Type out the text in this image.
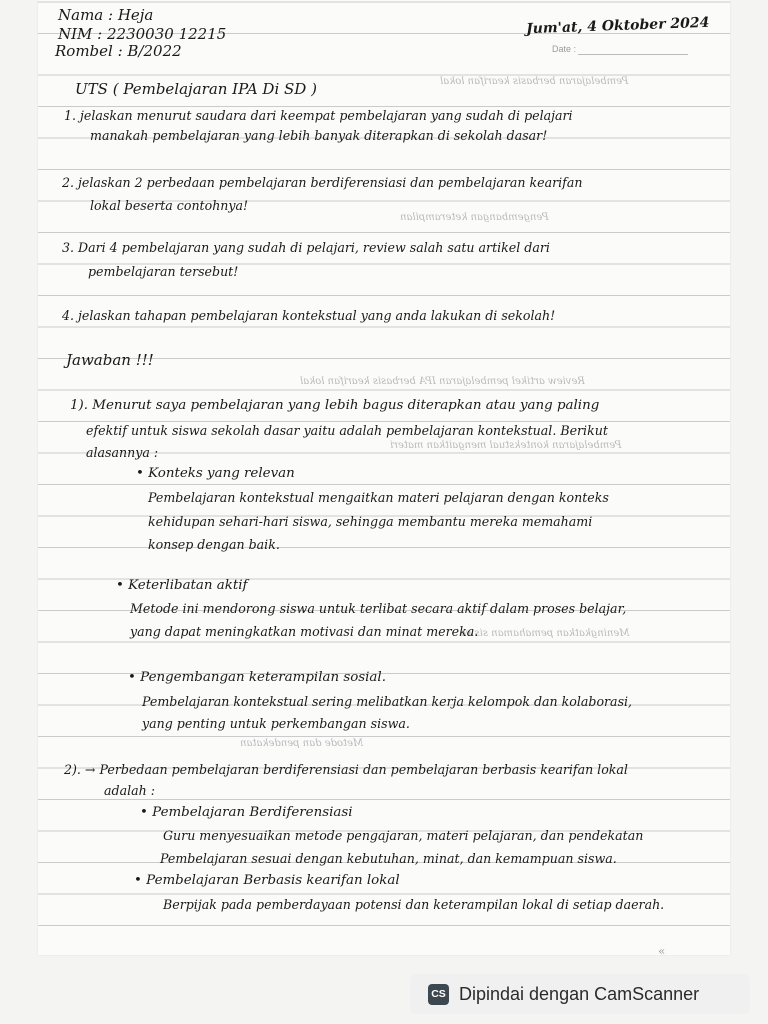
Pembelajaran berbasis kearifan lokal
Pengembangan keterampilan
Review artikel pembelajaran IPA berbasis kearifan lokal
Pembelajaran kontekstual mengaitkan materi
Meningkatkan pemahaman siswa
Metode dan pendekatan
Nama : Heja
NIM : 2230030 12215
Rombel : B/2022
Jum'at, 4 Oktober 2024
Date :
UTS ( Pembelajaran IPA Di SD )
1. jelaskan menurut saudara dari keempat pembelajaran yang sudah di pelajari
manakah pembelajaran yang lebih banyak diterapkan di sekolah dasar!
2. jelaskan 2 perbedaan pembelajaran berdiferensiasi dan pembelajaran kearifan
lokal beserta contohnya!
3. Dari 4 pembelajaran yang sudah di pelajari, review salah satu artikel dari
pembelajaran tersebut!
4. jelaskan tahapan pembelajaran kontekstual yang anda lakukan di sekolah!
Jawaban !!!
1). Menurut saya pembelajaran yang lebih bagus diterapkan atau yang paling
efektif untuk siswa sekolah dasar yaitu adalah pembelajaran kontekstual. Berikut
alasannya :
• Konteks yang relevan
Pembelajaran kontekstual mengaitkan materi pelajaran dengan konteks
kehidupan sehari-hari siswa, sehingga membantu mereka memahami
konsep dengan baik.
• Keterlibatan aktif
Metode ini mendorong siswa untuk terlibat secara aktif dalam proses belajar,
yang dapat meningkatkan motivasi dan minat mereka.
• Pengembangan keterampilan sosial.
Pembelajaran kontekstual sering melibatkan kerja kelompok dan kolaborasi,
yang penting untuk perkembangan siswa.
2). → Perbedaan pembelajaran berdiferensiasi dan pembelajaran berbasis kearifan lokal
adalah :
• Pembelajaran Berdiferensiasi
Guru menyesuaikan metode pengajaran, materi pelajaran, dan pendekatan
Pembelajaran sesuai dengan kebutuhan, minat, dan kemampuan siswa.
• Pembelajaran Berbasis kearifan lokal
Berpijak pada pemberdayaan potensi dan keterampilan lokal di setiap daerah.
«
CS Dipindai dengan CamScanner
